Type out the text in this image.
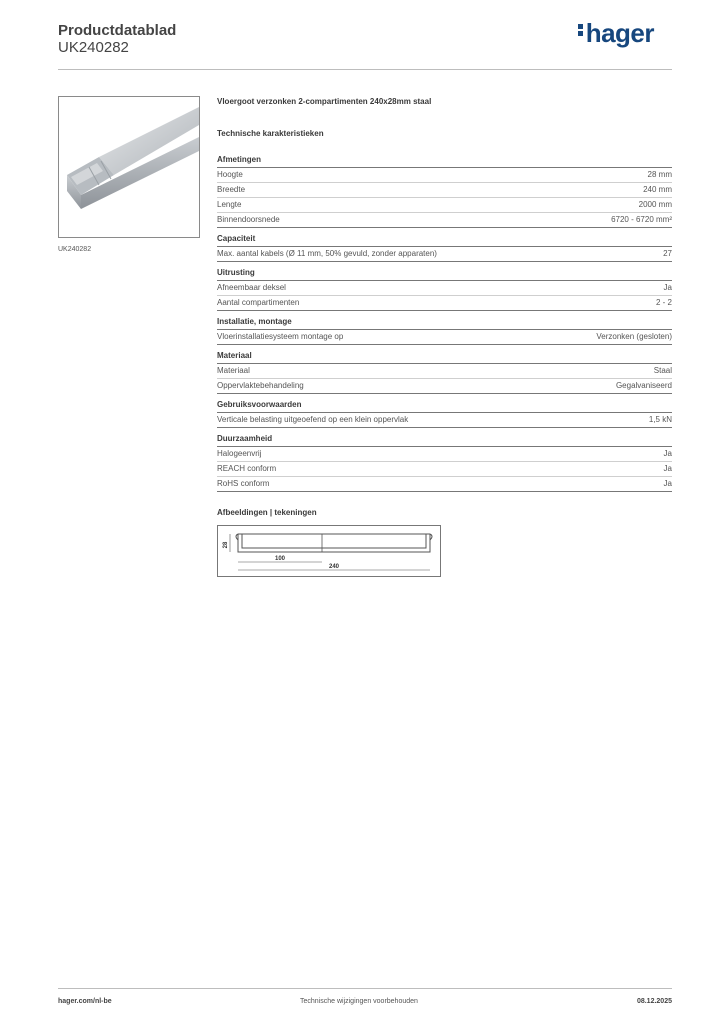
Productdatablad
UK240282	hager
UK240282
Vloergoot verzonken 2-compartimenten 240x28mm staal
Technische karakteristieken
Afmetingen
Hoogte	28 mm
Breedte	240 mm
Lengte	2000 mm
Binnendoorsnede	6720 - 6720 mm²
Capaciteit
Max. aantal kabels (Ø 11 mm, 50% gevuld, zonder apparaten)	27
Uitrusting
Afneembaar deksel	Ja
Aantal compartimenten	2 - 2
Installatie, montage
Vloerinstallatiesysteem montage op	Verzonken (gesloten)
Materiaal
Materiaal	Staal
Oppervlaktebehandeling	Gegalvaniseerd
Gebruiksvoorwaarden
Verticale belasting uitgeoefend op een klein oppervlak	1,5 kN
Duurzaamheid
Halogeenvrij	Ja
REACH conform	Ja
RoHS conform	Ja
Afbeeldingen | tekeningen
28
100
240
hager.com/nl-be	Technische wijzigingen voorbehouden	08.12.2025
